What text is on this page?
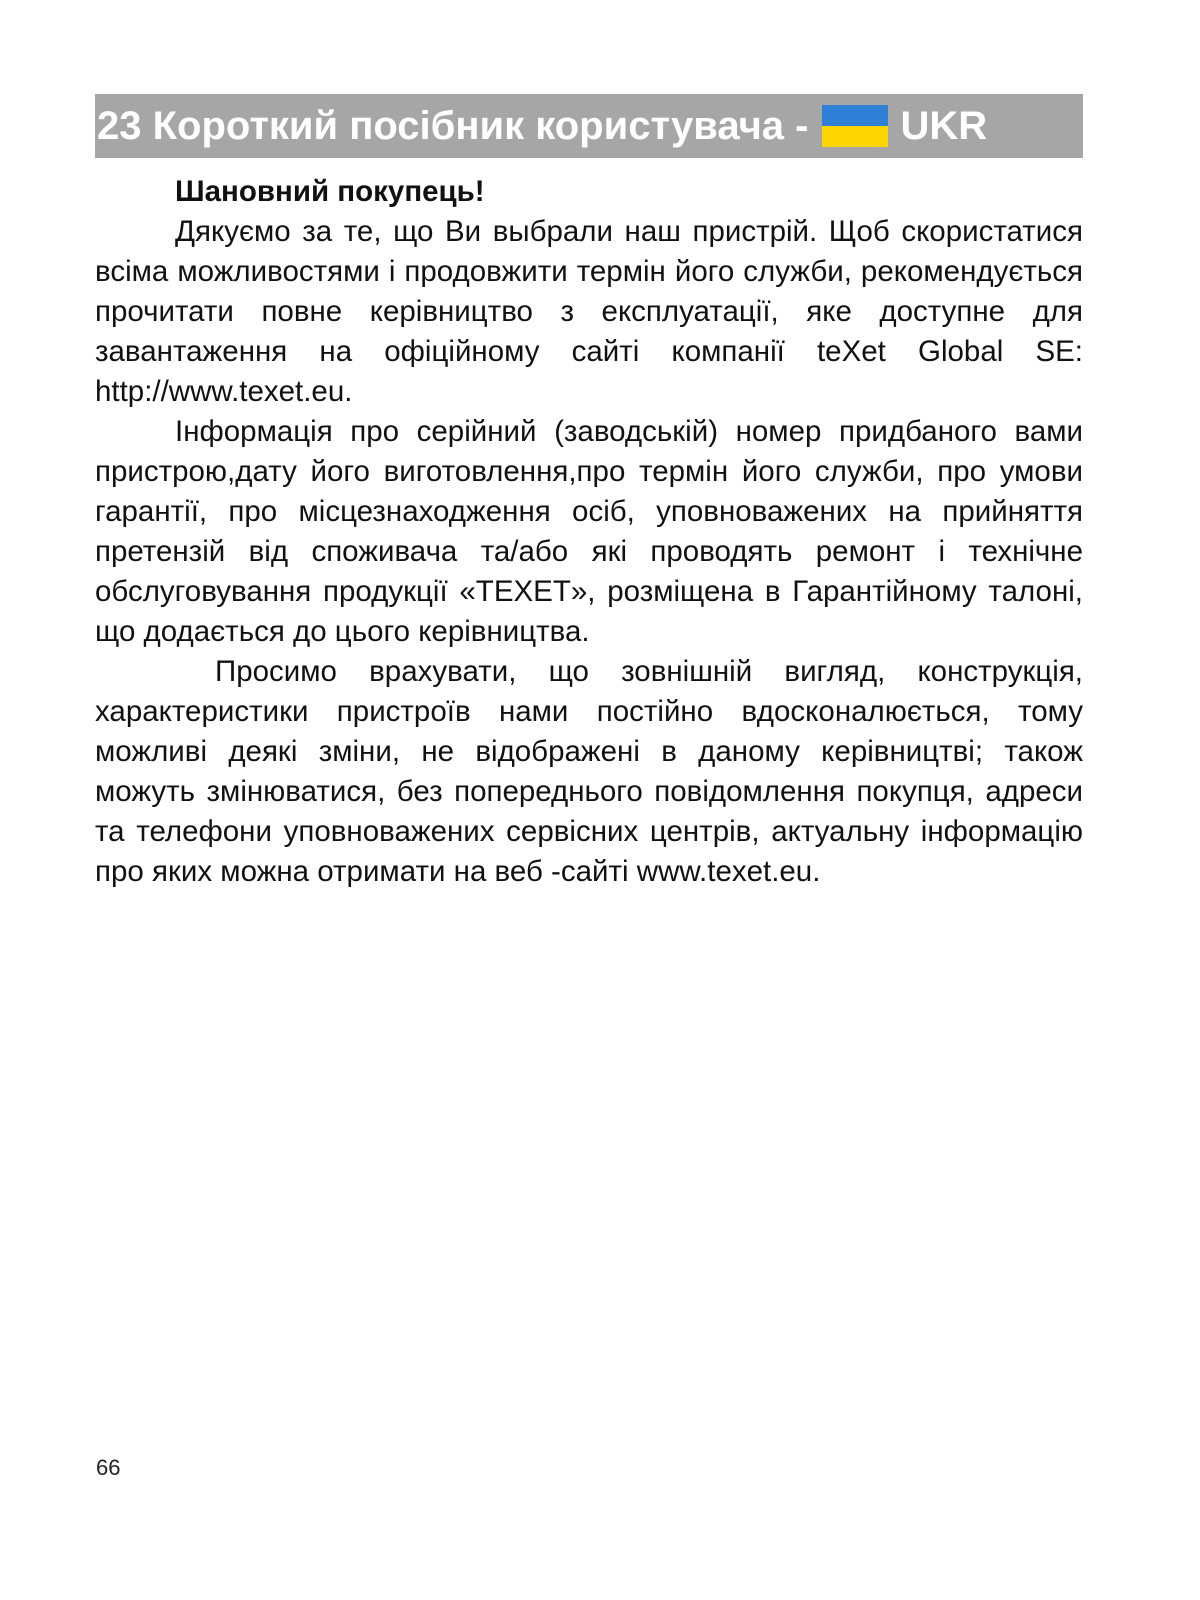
23 Короткий посібник користувача - UKR

Шановний покупець!

Дякуємо за те, що Ви выбрали наш пристрій. Щоб скористатися всіма можливостями і продовжити термін його служби, рекомендується прочитати повне керівництво з експлуатації, яке доступне для завантаження на офіційному сайті компанії teXet Global SE: http://www.texet.eu.

Інформація про серійний (заводськiй) номер придбаного вами пристрою,дату його виготовлення,про термін його служби, про умови гарантії, про місцезнаходження осіб, уповноважених на прийняття претензій від споживача та/або які проводять ремонт і технічне обслуговування продукції «TEXET», розміщена в Гарантійному талоні, що додається до цього керівництва.

Просимо врахувати, що зовнішній вигляд, конструкція, характеристики пристроїв нами постійно вдосконалюється, тому можливі деякі зміни, не відображені в даному керівництві; також можуть змінюватися, без попереднього повідомлення покупця, адреси та телефони уповноважених сервісних центрів, актуальну інформацію про яких можна отримати на веб -сайті www.texet.eu.

66
